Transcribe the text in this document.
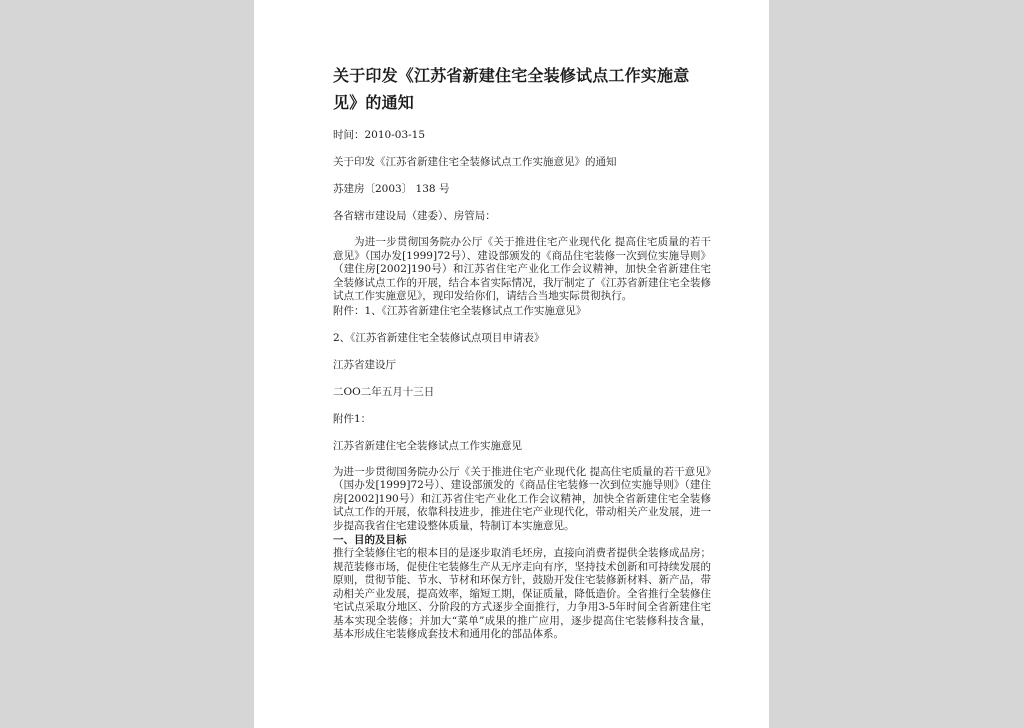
关于印发《江苏省新建住宅全装修试点工作实施意见》的通知

时间：2010-03-15

关于印发《江苏省新建住宅全装修试点工作实施意见》的通知

苏建房〔2003〕 138 号

各省辖市建设局（建委）、房管局：

为进一步贯彻国务院办公厅《关于推进住宅产业现代化 提高住宅质量的若干意见》（国办发[1999]72号）、建设部颁发的《商品住宅装修一次到位实施导则》（建住房[2002]190号）和江苏省住宅产业化工作会议精神，加快全省新建住宅全装修试点工作的开展，结合本省实际情况，我厅制定了《江苏省新建住宅全装修试点工作实施意见》，现印发给你们，请结合当地实际贯彻执行。

附件：1、《江苏省新建住宅全装修试点工作实施意见》

2、《江苏省新建住宅全装修试点项目申请表》

江苏省建设厅

二OO二年五月十三日

附件1：

江苏省新建住宅全装修试点工作实施意见

为进一步贯彻国务院办公厅《关于推进住宅产业现代化 提高住宅质量的若干意见》（国办发[1999]72号）、建设部颁发的《商品住宅装修一次到位实施导则》（建住房[2002]190号）和江苏省住宅产业化工作会议精神，加快全省新建住宅全装修试点工作的开展，依靠科技进步，推进住宅产业现代化，带动相关产业发展，进一步提高我省住宅建设整体质量，特制订本实施意见。

一、目的及目标

推行全装修住宅的根本目的是逐步取消毛坯房，直接向消费者提供全装修成品房；规范装修市场，促使住宅装修生产从无序走向有序，坚持技术创新和可持续发展的原则，贯彻节能、节水、节材和环保方针，鼓励开发住宅装修新材料、新产品，带动相关产业发展，提高效率，缩短工期，保证质量，降低造价。全省推行全装修住宅试点采取分地区、分阶段的方式逐步全面推行，力争用3-5年时间全省新建住宅基本实现全装修；并加大“菜单”成果的推广应用，逐步提高住宅装修科技含量，基本形成住宅装修成套技术和通用化的部品体系。
